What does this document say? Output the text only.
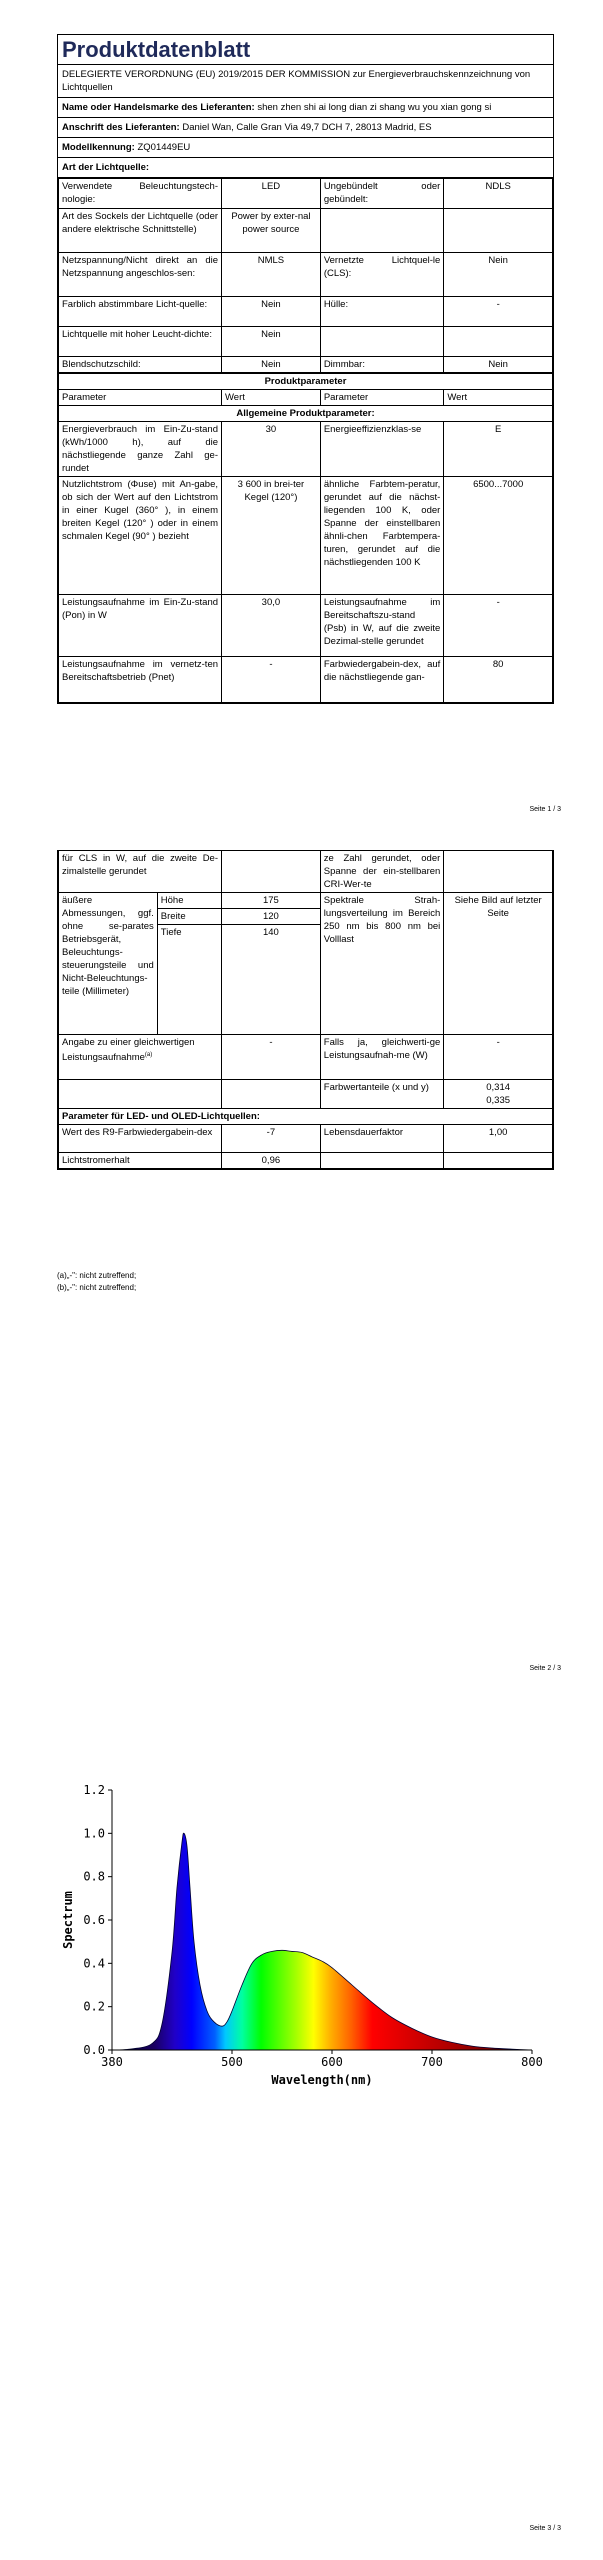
Produktdatenblatt
DELEGIERTE VERORDNUNG (EU) 2019/2015 DER KOMMISSION zur Energieverbrauchskennzeichnung von Lichtquellen
Name oder Handelsmarke des Lieferanten: shen zhen shi ai long dian zi shang wu you xian gong si
Anschrift des Lieferanten: Daniel Wan, Calle Gran Via 49,7 DCH 7, 28013 Madrid, ES
Modellkennung: ZQ01449EU
Art der Lichtquelle:
Verwendete Beleuchtungstech-nologie:	LED	Ungebündelt oder gebündelt:	NDLS
Art des Sockels der Lichtquelle (oder andere elektrische Schnittstelle)	Power by exter-nal power source		
Netzspannung/Nicht direkt an die Netzspannung angeschlos-sen:	NMLS	Vernetzte Lichtquel-le (CLS):	Nein
Farblich abstimmbare Licht-quelle:	Nein	Hülle:	-
Lichtquelle mit hoher Leucht-dichte:	Nein		
Blendschutzschild:	Nein	Dimmbar:	Nein
Produktparameter			
Parameter	Wert	Parameter	Wert
Allgemeine Produktparameter:			
Energieverbrauch im Ein-Zu-stand (kWh/1000 h), auf die nächstliegende ganze Zahl ge-rundet	30	Energieeffizienzklas-se	E
Nutzlichtstrom (Φuse) mit An-gabe, ob sich der Wert auf den Lichtstrom in einer Kugel (360° ), in einem breiten Kegel (120° ) oder in einem schmalen Kegel (90° ) bezieht	3 600 in brei-ter Kegel (120°)	ähnliche Farbtem-peratur, gerundet auf die nächst-liegenden 100 K, oder Spanne der einstellbaren ähnli-chen Farbtempera-turen, gerundet auf die nächstliegenden 100 K	6500...7000
Leistungsaufnahme im Ein-Zu-stand (Pon) in W	30,0	Leistungsaufnahme im Bereitschaftszu-stand (Psb) in W, auf die zweite Dezimal-stelle gerundet	-
Leistungsaufnahme im vernetz-ten Bereitschaftsbetrieb (Pnet)	-	Farbwiedergabein-dex, auf die nächstliegende gan-	80
Seite 1 / 3
für CLS in W, auf die zweite De-zimalstelle gerundet			ze Zahl gerundet, oder Spanne der ein-stellbaren CRI-Wer-te	
äußere Abmessungen, ggf. ohne se-parates Betriebsgerät, Beleuchtungs-steuerungsteile und Nicht-Beleuchtungs-teile (Millimeter)	Höhe	175	Spektrale Strah-lungsverteilung im Bereich 250 nm bis 800 nm bei Volllast	Siehe Bild auf letzter Seite
	Breite	120		
	Tiefe	140		
Angabe zu einer gleichwertigen Leistungsaufnahme$^{(a)}$		-	Falls ja, gleichwerti-ge Leistungsaufnah-me (W)	-
			Farbwertanteile (x und y)	0,314
0,335

Parameter für LED- und OLED-Lichtquellen:				
Wert des R9-Farbwiedergabein-dex		-7	Lebensdauerfaktor	1,00
Lichtstromerhalt		0,96		
(a)„-": nicht zutreffend;
(b)„-": nicht zutreffend;
Seite 2 / 3
380	500	600	700	800
0.0
0.2
0.4
0.6
0.8
1.0
1.2
Wavelength(nm)
Spectrum
Seite 3 / 3
